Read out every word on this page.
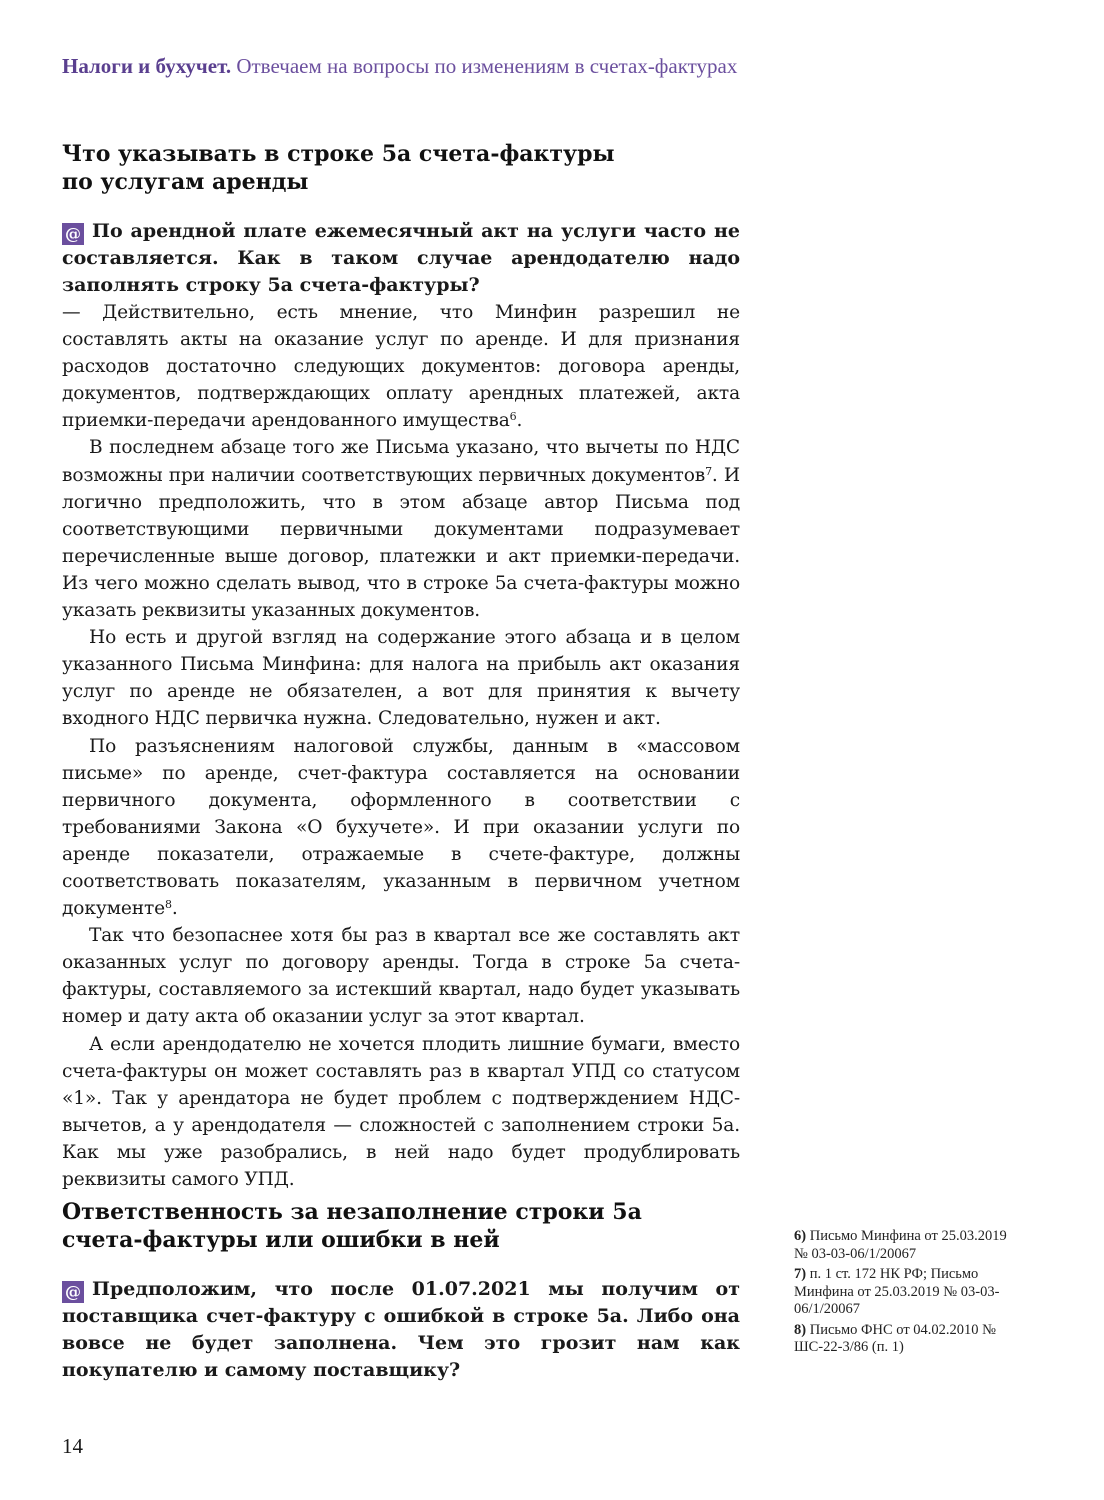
Налоги и бухучет. Отвечаем на вопросы по изменениям в счетах-фактурах
Что указывать в строке 5а счета-фактуры
по услугам аренды

@ По арендной плате ежемесячный акт на услуги часто не составляется. Как в таком случае арендодателю надо заполнять строку 5а счета-фактуры?

— Действительно, есть мнение, что Минфин разрешил не составлять акты на оказание услуг по аренде. И для признания расходов достаточно следующих документов: договора аренды, документов, подтверждающих оплату арендных платежей, акта приемки-передачи арендованного имущества$^6$.

В последнем абзаце того же Письма указано, что вычеты по НДС возможны при наличии соответствующих первичных документов$^7$. И логично предположить, что в этом абзаце автор Письма под соответствующими первичными документами подразумевает перечисленные выше договор, платежки и акт приемки-передачи. Из чего можно сделать вывод, что в строке 5а счета-фактуры можно указать реквизиты указанных документов.

Но есть и другой взгляд на содержание этого абзаца и в целом указанного Письма Минфина: для налога на прибыль акт оказания услуг по аренде не обязателен, а вот для принятия к вычету входного НДС первичка нужна. Следовательно, нужен и акт.

По разъяснениям налоговой службы, данным в «массовом письме» по аренде, счет-фактура составляется на основании первичного документа, оформленного в соответствии с требованиями Закона «О бухучете». И при оказании услуги по аренде показатели, отражаемые в счете-фактуре, должны соответствовать показателям, указанным в первичном учетном документе$^8$.

Так что безопаснее хотя бы раз в квартал все же составлять акт оказанных услуг по договору аренды. Тогда в строке 5а счета-фактуры, составляемого за истекший квартал, надо будет указывать номер и дату акта об оказании услуг за этот квартал.

А если арендодателю не хочется плодить лишние бумаги, вместо счета-фактуры он может составлять раз в квартал УПД со статусом «1». Так у арендатора не будет проблем с подтверждением НДС-вычетов, а у арендодателя — сложностей с заполнением строки 5а. Как мы уже разобрались, в ней надо будет продублировать реквизиты самого УПД.

Ответственность за незаполнение строки 5а
счета-фактуры или ошибки в ней

@ Предположим, что после 01.07.2021 мы получим от поставщика счет-фактуру с ошибкой в строке 5а. Либо она вовсе не будет заполнена. Чем это грозит нам как покупателю и самому поставщику?

6) Письмо Минфина от 25.03.2019 № 03-03-06/1/20067
7) п. 1 ст. 172 НК РФ; Письмо Минфина от 25.03.2019 № 03-03-06/1/20067
8) Письмо ФНС от 04.02.2010 № ШС-22-3/86 (п. 1)
14
